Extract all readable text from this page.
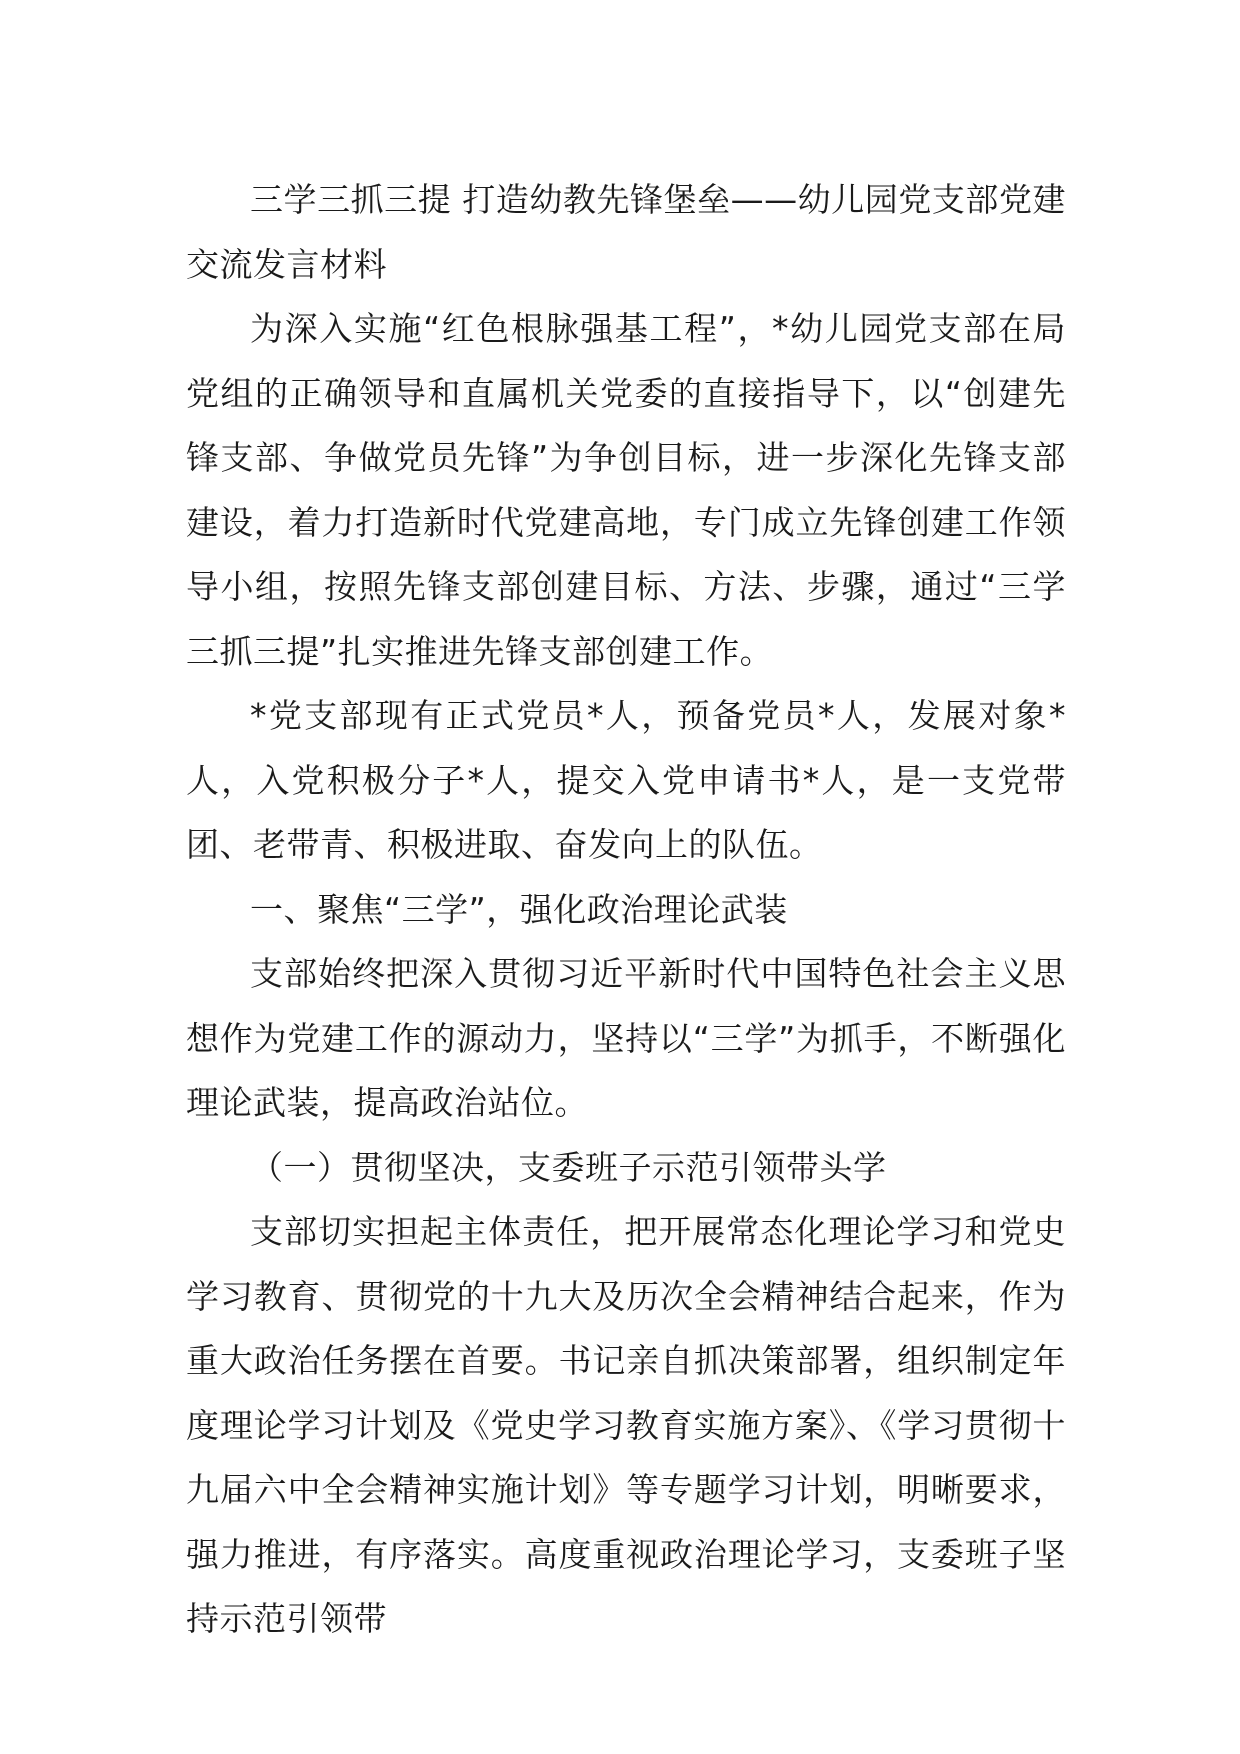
三学三抓三提 打造幼教先锋堡垒——幼儿园党支部党建交流发言材料

为深入实施“红色根脉强基工程”，*幼儿园党支部在局党组的正确领导和直属机关党委的直接指导下，以“创建先锋支部、争做党员先锋”为争创目标，进一步深化先锋支部建设，着力打造新时代党建高地，专门成立先锋创建工作领导小组，按照先锋支部创建目标、方法、步骤，通过“三学三抓三提”扎实推进先锋支部创建工作。

*党支部现有正式党员*人，预备党员*人，发展对象*人，入党积极分子*人，提交入党申请书*人，是一支党带团、老带青、积极进取、奋发向上的队伍。

一、聚焦“三学”，强化政治理论武装

支部始终把深入贯彻习近平新时代中国特色社会主义思想作为党建工作的源动力，坚持以“三学”为抓手，不断强化理论武装，提高政治站位。

（一）贯彻坚决，支委班子示范引领带头学

支部切实担起主体责任，把开展常态化理论学习和党史学习教育、贯彻党的十九大及历次全会精神结合起来，作为重大政治任务摆在首要。书记亲自抓决策部署，组织制定年度理论学习计划及《党史学习教育实施方案》、《学习贯彻十九届六中全会精神实施计划》等专题学习计划，明晰要求，强力推进，有序落实。高度重视政治理论学习，支委班子坚持示范引领带
